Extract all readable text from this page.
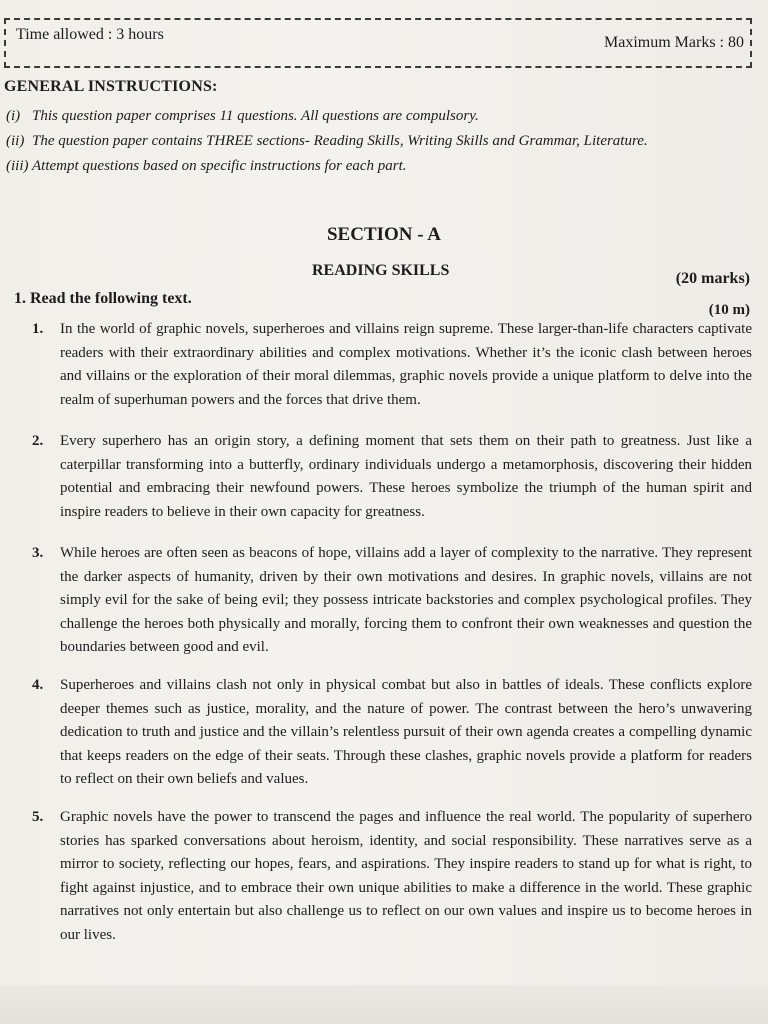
Time allowed : 3 hours	Maximum Marks : 80
GENERAL INSTRUCTIONS:
(i) This question paper comprises 11 questions. All questions are compulsory.
(ii) The question paper contains THREE sections- Reading Skills, Writing Skills and Grammar, Literature.
(iii) Attempt questions based on specific instructions for each part.
SECTION - A
READING SKILLS	(20 marks)
1. Read the following text.
(10 m)
1. In the world of graphic novels, superheroes and villains reign supreme. These larger-than-life characters captivate readers with their extraordinary abilities and complex motivations. Whether it’s the iconic clash between heroes and villains or the exploration of their moral dilemmas, graphic novels provide a unique platform to delve into the realm of superhuman powers and the forces that drive them.
2. Every superhero has an origin story, a defining moment that sets them on their path to greatness. Just like a caterpillar transforming into a butterfly, ordinary individuals undergo a metamorphosis, discovering their hidden potential and embracing their newfound powers. These heroes symbolize the triumph of the human spirit and inspire readers to believe in their own capacity for greatness.
3. While heroes are often seen as beacons of hope, villains add a layer of complexity to the narrative. They represent the darker aspects of humanity, driven by their own motivations and desires. In graphic novels, villains are not simply evil for the sake of being evil; they possess intricate backstories and complex psychological profiles. They challenge the heroes both physically and morally, forcing them to confront their own weaknesses and question the boundaries between good and evil.
4. Superheroes and villains clash not only in physical combat but also in battles of ideals. These conflicts explore deeper themes such as justice, morality, and the nature of power. The contrast between the hero’s unwavering dedication to truth and justice and the villain’s relentless pursuit of their own agenda creates a compelling dynamic that keeps readers on the edge of their seats. Through these clashes, graphic novels provide a platform for readers to reflect on their own beliefs and values.
5. Graphic novels have the power to transcend the pages and influence the real world. The popularity of superhero stories has sparked conversations about heroism, identity, and social responsibility. These narratives serve as a mirror to society, reflecting our hopes, fears, and aspirations. They inspire readers to stand up for what is right, to fight against injustice, and to embrace their own unique abilities to make a difference in the world. These graphic narratives not only entertain but also challenge us to reflect on our own values and inspire us to become heroes in our lives.
